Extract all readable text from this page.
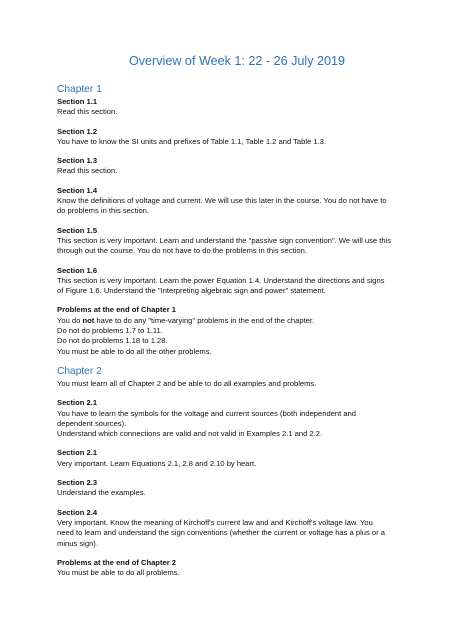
Overview of Week 1: 22 - 26 July 2019
Chapter 1
Section 1.1
Read this section.
Section 1.2
You have to know the SI units and prefixes of Table 1.1, Table 1.2 and Table 1.3.
Section 1.3
Read this section.
Section 1.4
Know the definitions of voltage and current. We will use this later in the course. You do not have to
do problems in this section.
Section 1.5
This section is very important. Learn and understand the "passive sign convention". We will use this
through out the course. You do not have to do the problems in this section.
Section 1.6
This section is very important. Learn the power Equation 1.4. Understand the directions and signs
of Figure 1.6. Understand the "Interpreting algebraic sign and power" statement.
Problems at the end of Chapter 1
You do not have to do any "time-varying" problems in the end of the chapter.
Do not do problems 1.7 to 1.11.
Do not do problems 1.18 to 1.28.
You must be able to do all the other problems.
Chapter 2
You must learn all of Chapter 2 and be able to do all examples and problems.
Section 2.1
You have to learn the symbols for the voltage and current sources (both independent and
dependent sources).
Understand which connections are valid and not valid in Examples 2.1 and 2.2.
Section 2.1
Very important. Learn Equations 2.1, 2.8 and 2.10 by heart.
Section 2.3
Understand the examples.
Section 2.4
Very important. Know the meaning of Kirchoff's current law and and Kirchoff's voltage law. You
need to learn and understand the sign conventions (whether the current or voltage has a plus or a
minus sign).
Problems at the end of Chapter 2
You must be able to do all problems.
